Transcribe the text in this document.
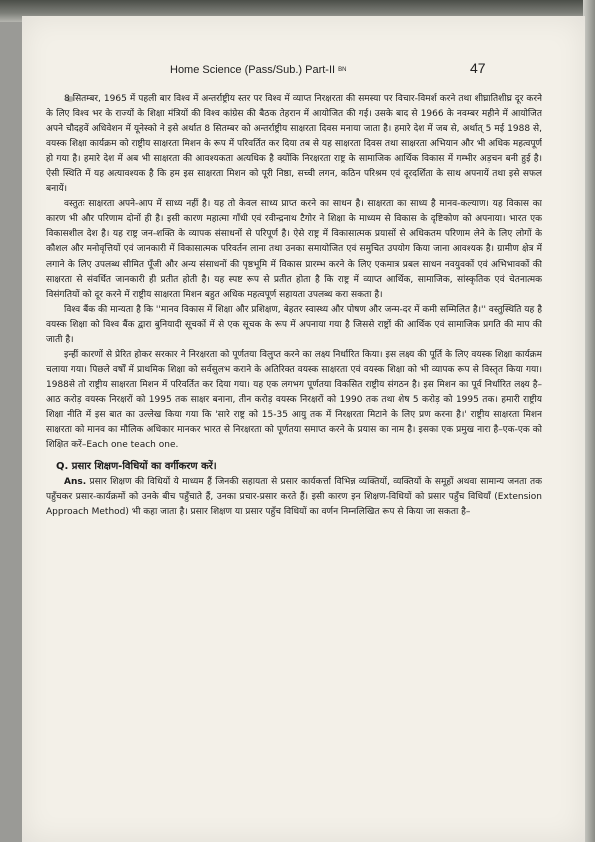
Home Science (Pass/Sub.) Part-II BN	47

8 सितम्बर, 1965 में पहली बार विश्व में अन्तर्राष्ट्रीय स्तर पर विश्व में व्याप्त निरक्षरता की समस्या पर विचार-विमर्श करने तथा शीघ्रातिशीघ्र दूर करने के लिए विश्व भर के राज्यों के शिक्षा मंत्रियों की विश्व कांग्रेस की बैठक तेहरान में आयोजित की गई। उसके बाद से 1966 के नवम्बर महीने में आयोजित अपने चौदहवें अधिवेशन में यूनेस्को ने इसे अर्थात 8 सितम्बर को अन्तर्राष्ट्रीय साक्षरता दिवस मनाया जाता है। हमारे देश में जब से, अर्थात् 5 मई 1988 से, वयस्क शिक्षा कार्यक्रम को राष्ट्रीय साक्षरता मिशन के रूप में परिवर्तित कर दिया तब से यह साक्षरता दिवस तथा साक्षरता अभियान और भी अधिक महत्वपूर्ण हो गया है। हमारे देश में अब भी साक्षरता की आवश्यकता अत्यधिक है क्योंकि निरक्षरता राष्ट्र के सामाजिक आर्थिक विकास में गम्भीर अड़चन बनी हुई है। ऐसी स्थिति में यह अत्यावश्यक है कि हम इस साक्षरता मिशन को पूरी निष्ठा, सच्ची लगन, कठिन परिश्रम एवं दूरदर्शिता के साथ अपनायें तथा इसे सफल बनायें।

वस्तुतः साक्षरता अपने-आप में साध्य नहीं है। यह तो केवल साध्य प्राप्त करने का साधन है। साक्षरता का साध्य है मानव-कल्याण। यह विकास का कारण भी और परिणाम दोनों ही है। इसी कारण महात्मा गाँधी एवं रवीन्द्रनाथ टैगोर ने शिक्षा के माध्यम से विकास के दृष्टिकोण को अपनाया। भारत एक विकासशील देश है। यह राष्ट्र जन-शक्ति के व्यापक संसाधनों से परिपूर्ण है। ऐसे राष्ट्र में विकासात्मक प्रयासों से अधिकतम परिणाम लेने के लिए लोगों के कौशल और मनोवृत्तियों एवं जानकारी में विकासात्मक परिवर्तन लाना तथा उनका समायोजित एवं समुचित उपयोग किया जाना आवश्यक है। ग्रामीण क्षेत्र में लगाने के लिए उपलब्ध सीमित पूँजी और अन्य संसाधनों की पृष्ठभूमि में विकास प्रारम्भ करने के लिए एकमात्र प्रबल साधन नवयुवकों एवं अभिभावकों की साक्षरता से संवर्धित जानकारी ही प्रतीत होती है। यह स्पष्ट रूप से प्रतीत होता है कि राष्ट्र में व्याप्त आर्थिक, सामाजिक, सांस्कृतिक एवं चेतनात्मक विसंगतियों को दूर करने में राष्ट्रीय साक्षरता मिशन बहुत अधिक महत्वपूर्ण सहायता उपलब्ध करा सकता है।

विश्व बैंक की मान्यता है कि ''मानव विकास में शिक्षा और प्रशिक्षण, बेहतर स्वास्थ्य और पोषण और जन्म-दर में कमी सम्मिलित है।'' वस्तुस्थिति यह है वयस्क शिक्षा को विश्व बैंक द्वारा बुनियादी सूचकों में से एक सूचक के रूप में अपनाया गया है जिससे राष्ट्रों की आर्थिक एवं सामाजिक प्रगति की माप की जाती है।

इन्हीं कारणों से प्रेरित होकर सरकार ने निरक्षरता को पूर्णतया विलुप्त करने का लक्ष्य निर्धारित किया। इस लक्ष्य की पूर्ति के लिए वयस्क शिक्षा कार्यक्रम चलाया गया। पिछले वर्षों में प्राथमिक शिक्षा को सर्वसुलभ कराने के अतिरिक्त वयस्क साक्षरता एवं वयस्क शिक्षा को भी व्यापक रूप से विस्तृत किया गया। 1988से तो राष्ट्रीय साक्षरता मिशन में परिवर्तित कर दिया गया। यह एक लगभग पूर्णतया विकसित राष्ट्रीय संगठन है। इस मिशन का पूर्व निर्धारित लक्ष्य है–आठ करोड़ वयस्क निरक्षरों को 1995 तक साक्षर बनाना, तीन करोड़ वयस्क निरक्षरों को 1990 तक तथा शेष 5 करोड़ को 1995 तक। हमारी राष्ट्रीय शिक्षा नीति में इस बात का उल्लेख किया गया कि 'सारे राष्ट्र को 15-35 आयु तक में निरक्षरता मिटाने के लिए प्रण करना है।' राष्ट्रीय साक्षरता मिशन साक्षरता को मानव का मौलिक अधिकार मानकर भारत से निरक्षरता को पूर्णतया समाप्त करने के प्रयास का नाम है। इसका एक प्रमुख नारा है–एक-एक को शिक्षित करें–Each one teach one.

Q. प्रसार शिक्षण-विधियों का वर्गीकरण करें।

Ans. प्रसार शिक्षण की विधियों ये माध्यम हैं जिनकी सहायता से प्रसार कार्यकर्त्ता विभिन्न व्यक्तियों, व्यक्तियों के समूहों अथवा सामान्य जनता तक पहुँचकर प्रसार-कार्यक्रमों को उनके बीच पहुँचाते हैं, उनका प्रचार-प्रसार करते हैं। इसी कारण इन शिक्षण-विधियों को प्रसार पहुँच विधियाँ (Extension Approach Method) भी कहा जाता है। प्रसार शिक्षण या प्रसार पहुँच विधियों का वर्णन निम्नलिखित रूप से किया जा सकता है–
